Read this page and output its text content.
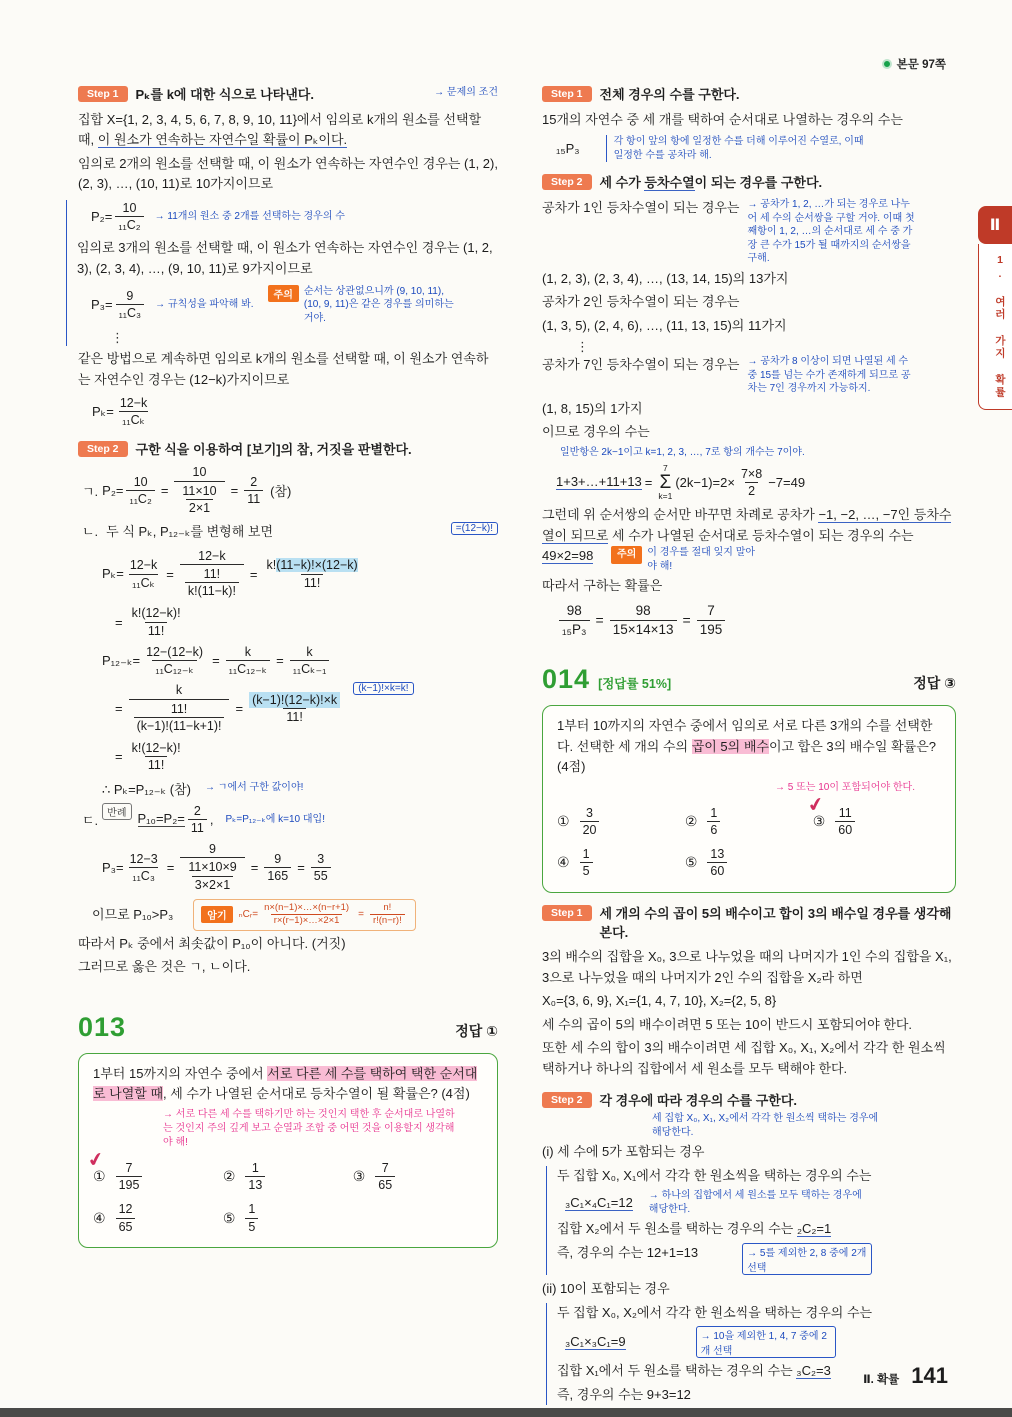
본문 97쪽
Ⅱ
1. 여러 가지 확률
Step 1	Pₖ를 k에 대한 식으로 나타낸다.	→ 문제의 조건

집합 X={1, 2, 3, 4, 5, 6, 7, 8, 9, 10, 11}에서 임의로 k개의 원소를 선택할 때, 이 원소가 연속하는 자연수일 확률이 Pₖ이다.

임의로 2개의 원소를 선택할 때, 이 원소가 연속하는 자연수인 경우는 (1, 2), (2, 3), …, (10, 11)로 10가지이므로

$P_2= \frac{10}{\text{₁₁C₂}} \to 11$개의 원소 중 2개를 선택하는 경우의 수

임의로 3개의 원소를 선택할 때, 이 원소가 연속하는 자연수인 경우는 (1, 2, 3), (2, 3, 4), …, (9, 10, 11)로 9가지이므로

$P_3= \frac{9}{\text{₁₁C₃}}$ → 규칙성을 파악해 봐.
주의	순서는 상관없으니까 (9, 10, 11), (10, 9, 11)은 같은 경우를 의미하는 거야.
⋮

같은 방법으로 계속하면 임의로 k개의 원소를 선택할 때, 이 원소가 연속하는 자연수인 경우는 (12−k)가지이므로

$P_k= \frac{12-k}{\text{₁₁Cₖ}}$
Step 2	구한 식을 이용하여 [보기]의 참, 거짓을 판별한다.
ㄱ. $P_2= \frac{10}{\text{₁₁C₂}} = \frac{10}{\frac{11\times 10}{2\times 1}} = \frac{2}{11}$ (참)
ㄴ. 두 식 Pₖ, P₁₂₋ₖ를 변형해 보면	=(12−k)!
$P_k= \frac{12-k}{\text{₁₁Cₖ}} = \frac{12-k}{\frac{11!}{k!(11-k)!}} = \frac{k!(11-k)!\times(12-k)}{11!}$
= $\frac{k!(12-k)!}{11!}$
$P_{12-k}= \frac{12-(12-k)}{\text{₁₁C₁₂₋ₖ}} = \frac{k}{\text{₁₁C₁₂₋ₖ}} = \frac{k}{\text{₁₁Cₖ₋₁}}$
= $\frac{k}{\frac{11!}{(k-1)!(11-k+1)!}} = \frac{(k-1)!(12-k)!\times k}{11!}$
(k−1)!×k=k!
= $\frac{k!(12-k)!}{11!}$
∴ Pₖ=P₁₂₋ₖ (참) → ㄱ에서 구한 값이야!
ㄷ. 반례 $P_{10}=P_2= \frac{2}{11}$ , Pₖ=P₁₂₋ₖ에 k=10 대입!
$P_3= \frac{12-3}{\text{₁₁C₃}} = \frac{9}{\frac{11\times 10\times 9}{3\times 2\times 1}} = \frac{9}{165} = \frac{3}{55}$
이므로 P₁₀>P₃	암기	ₙCᵣ= $\frac{n\times(n-1)\times\dots\times(n-r+1)}{r\times(r-1)\times\dots\times 2\times 1} = \frac{n!}{r!(n-r)!}$

따라서 Pₖ 중에서 최솟값이 P₁₀이 아니다. (거짓)

그러므로 옳은 것은 ㄱ, ㄴ이다.

013	정답 ①

1부터 15까지의 자연수 중에서 서로 다른 세 수를 택하여 택한 순서대로 나열할 때, 세 수가 나열된 순서대로 등차수열이 될 확률은? (4점)

→ 서로 다른 세 수를 택하기만 하는 것인지 택한 후 순서대로 나열하는 것인지 주의 깊게 보고 순열과 조합 중 어떤 것을 이용할지 생각해야 해!
✔
① $\frac{7}{195}$	② $\frac{1}{13}$	③ $\frac{7}{65}$
④ $\frac{12}{65}$	⑤ $\frac{1}{5}$
Step 1	전체 경우의 수를 구한다.

15개의 자연수 중 세 개를 택하여 순서대로 나열하는 경우의 수는

₁₅P₃	각 항이 앞의 항에 일정한 수를 더해 이루어진 수열로, 이때 일정한 수를 공차라 해.
Step 2	세 수가 등차수열이 되는 경우를 구한다.

공차가 1인 등차수열이 되는 경우는 → 공차가 1, 2, …가 되는 경우로 나누어 세 수의 순서쌍을 구할 거야. 이때 첫째항이 1, 2, …의 순서대로 세 수 중 가장 큰 수가 15가 될 때까지의 순서쌍을 구해.

(1, 2, 3), (2, 3, 4), …, (13, 14, 15)의 13가지

공차가 2인 등차수열이 되는 경우는

(1, 3, 5), (2, 4, 6), …, (11, 13, 15)의 11가지

⋮

공차가 7인 등차수열이 되는 경우는 → 공차가 8 이상이 되면 나열된 세 수 중 15를 넘는 수가 존재하게 되므로 공차는 7인 경우까지 가능하지.

(1, 8, 15)의 1가지

이므로 경우의 수는

일반항은 2k−1이고 k=1, 2, 3, …, 7로 항의 개수는 7이야.
1+3+…+11+13 =
7
Σ
k=1
$(2k-1)=2\times \frac{7\times 8}{2} -7=49$

그런데 위 순서쌍의 순서만 바꾸면 차례로 공차가 −1, −2, …, −7인 등차수열이 되므로 세 수가 나열된 순서대로 등차수열이 되는 경우의 수는 49×2=98	주의	이 경우를 절대 잊지 말아야 해!

따라서 구하는 확률은

$\frac{98}{\text{₁₅P₃}} = \frac{98}{15\times 14\times 13} = \frac{7}{195}$
014 [정답률 51%]	정답 ③

1부터 10까지의 자연수 중에서 임의로 서로 다른 3개의 수를 선택한다. 선택한 세 개의 수의 곱이 5의 배수이고 합은 3의 배수일 확률은? (4점)

→ 5 또는 10이 포함되어야 한다.
① $\frac{3}{20}$	② $\frac{1}{6}$	✔
③ $\frac{11}{60}$
④ $\frac{1}{5}$	⑤ $\frac{13}{60}$
Step 1	세 개의 수의 곱이 5의 배수이고 합이 3의 배수일 경우를 생각해 본다.

3의 배수의 집합을 X₀, 3으로 나누었을 때의 나머지가 1인 수의 집합을 X₁, 3으로 나누었을 때의 나머지가 2인 수의 집합을 X₂라 하면

X₀={3, 6, 9}, X₁={1, 4, 7, 10}, X₂={2, 5, 8}

세 수의 곱이 5의 배수이려면 5 또는 10이 반드시 포함되어야 한다.

또한 세 수의 합이 3의 배수이려면 세 집합 X₀, X₁, X₂에서 각각 한 원소씩 택하거나 하나의 집합에서 세 원소를 모두 택해야 한다.

Step 2	각 경우에 따라 경우의 수를 구한다.
세 집합 X₀, X₁, X₂에서 각각 한 원소씩 택하는 경우에 해당한다.

(i) 세 수에 5가 포함되는 경우

두 집합 X₀, X₁에서 각각 한 원소씩을 택하는 경우의 수는

₃C₁×₄C₁=12 → 하나의 집합에서 세 원소를 모두 택하는 경우에 해당한다.

집합 X₂에서 두 원소를 택하는 경우의 수는 ₂C₂=1

즉, 경우의 수는 12+1=13	→ 5를 제외한 2, 8 중에 2개 선택

(ii) 10이 포함되는 경우

두 집합 X₀, X₂에서 각각 한 원소씩을 택하는 경우의 수는

₃C₁×₃C₁=9	→ 10을 제외한 1, 4, 7 중에 2개 선택

집합 X₁에서 두 원소를 택하는 경우의 수는 ₃C₂=3

즉, 경우의 수는 9+3=12

Ⅱ. 확률 141
